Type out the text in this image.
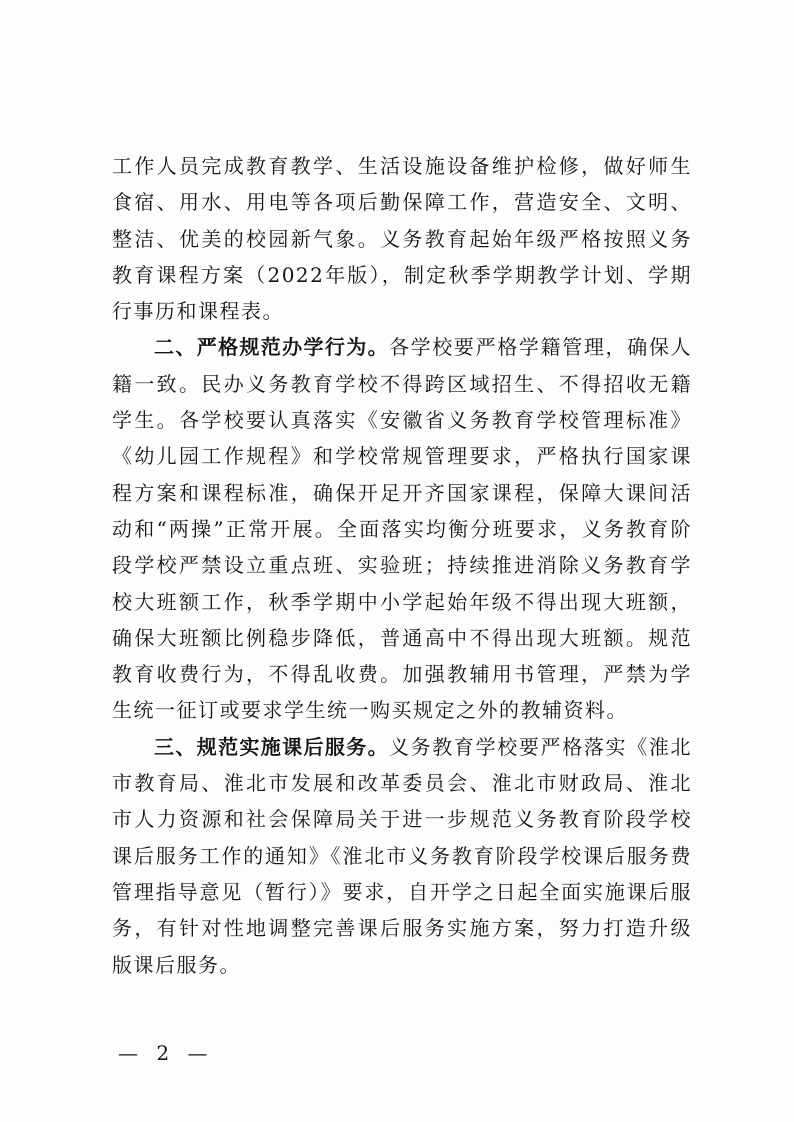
工作人员完成教育教学、生活设施设备维护检修，做好师生食宿、用水、用电等各项后勤保障工作，营造安全、文明、整洁、优美的校园新气象。义务教育起始年级严格按照义务教育课程方案（2022年版），制定秋季学期教学计划、学期行事历和课程表。

二、严格规范办学行为。各学校要严格学籍管理，确保人籍一致。民办义务教育学校不得跨区域招生、不得招收无籍学生。各学校要认真落实《安徽省义务教育学校管理标准》《幼儿园工作规程》和学校常规管理要求，严格执行国家课程方案和课程标准，确保开足开齐国家课程，保障大课间活动和“两操”正常开展。全面落实均衡分班要求，义务教育阶段学校严禁设立重点班、实验班；持续推进消除义务教育学校大班额工作，秋季学期中小学起始年级不得出现大班额，确保大班额比例稳步降低，普通高中不得出现大班额。规范教育收费行为，不得乱收费。加强教辅用书管理，严禁为学生统一征订或要求学生统一购买规定之外的教辅资料。

三、规范实施课后服务。义务教育学校要严格落实《淮北市教育局、淮北市发展和改革委员会、淮北市财政局、淮北市人力资源和社会保障局关于进一步规范义务教育阶段学校课后服务工作的通知》《淮北市义务教育阶段学校课后服务费管理指导意见（暂行）》要求，自开学之日起全面实施课后服务，有针对性地调整完善课后服务实施方案，努力打造升级版课后服务。

— 2 —
